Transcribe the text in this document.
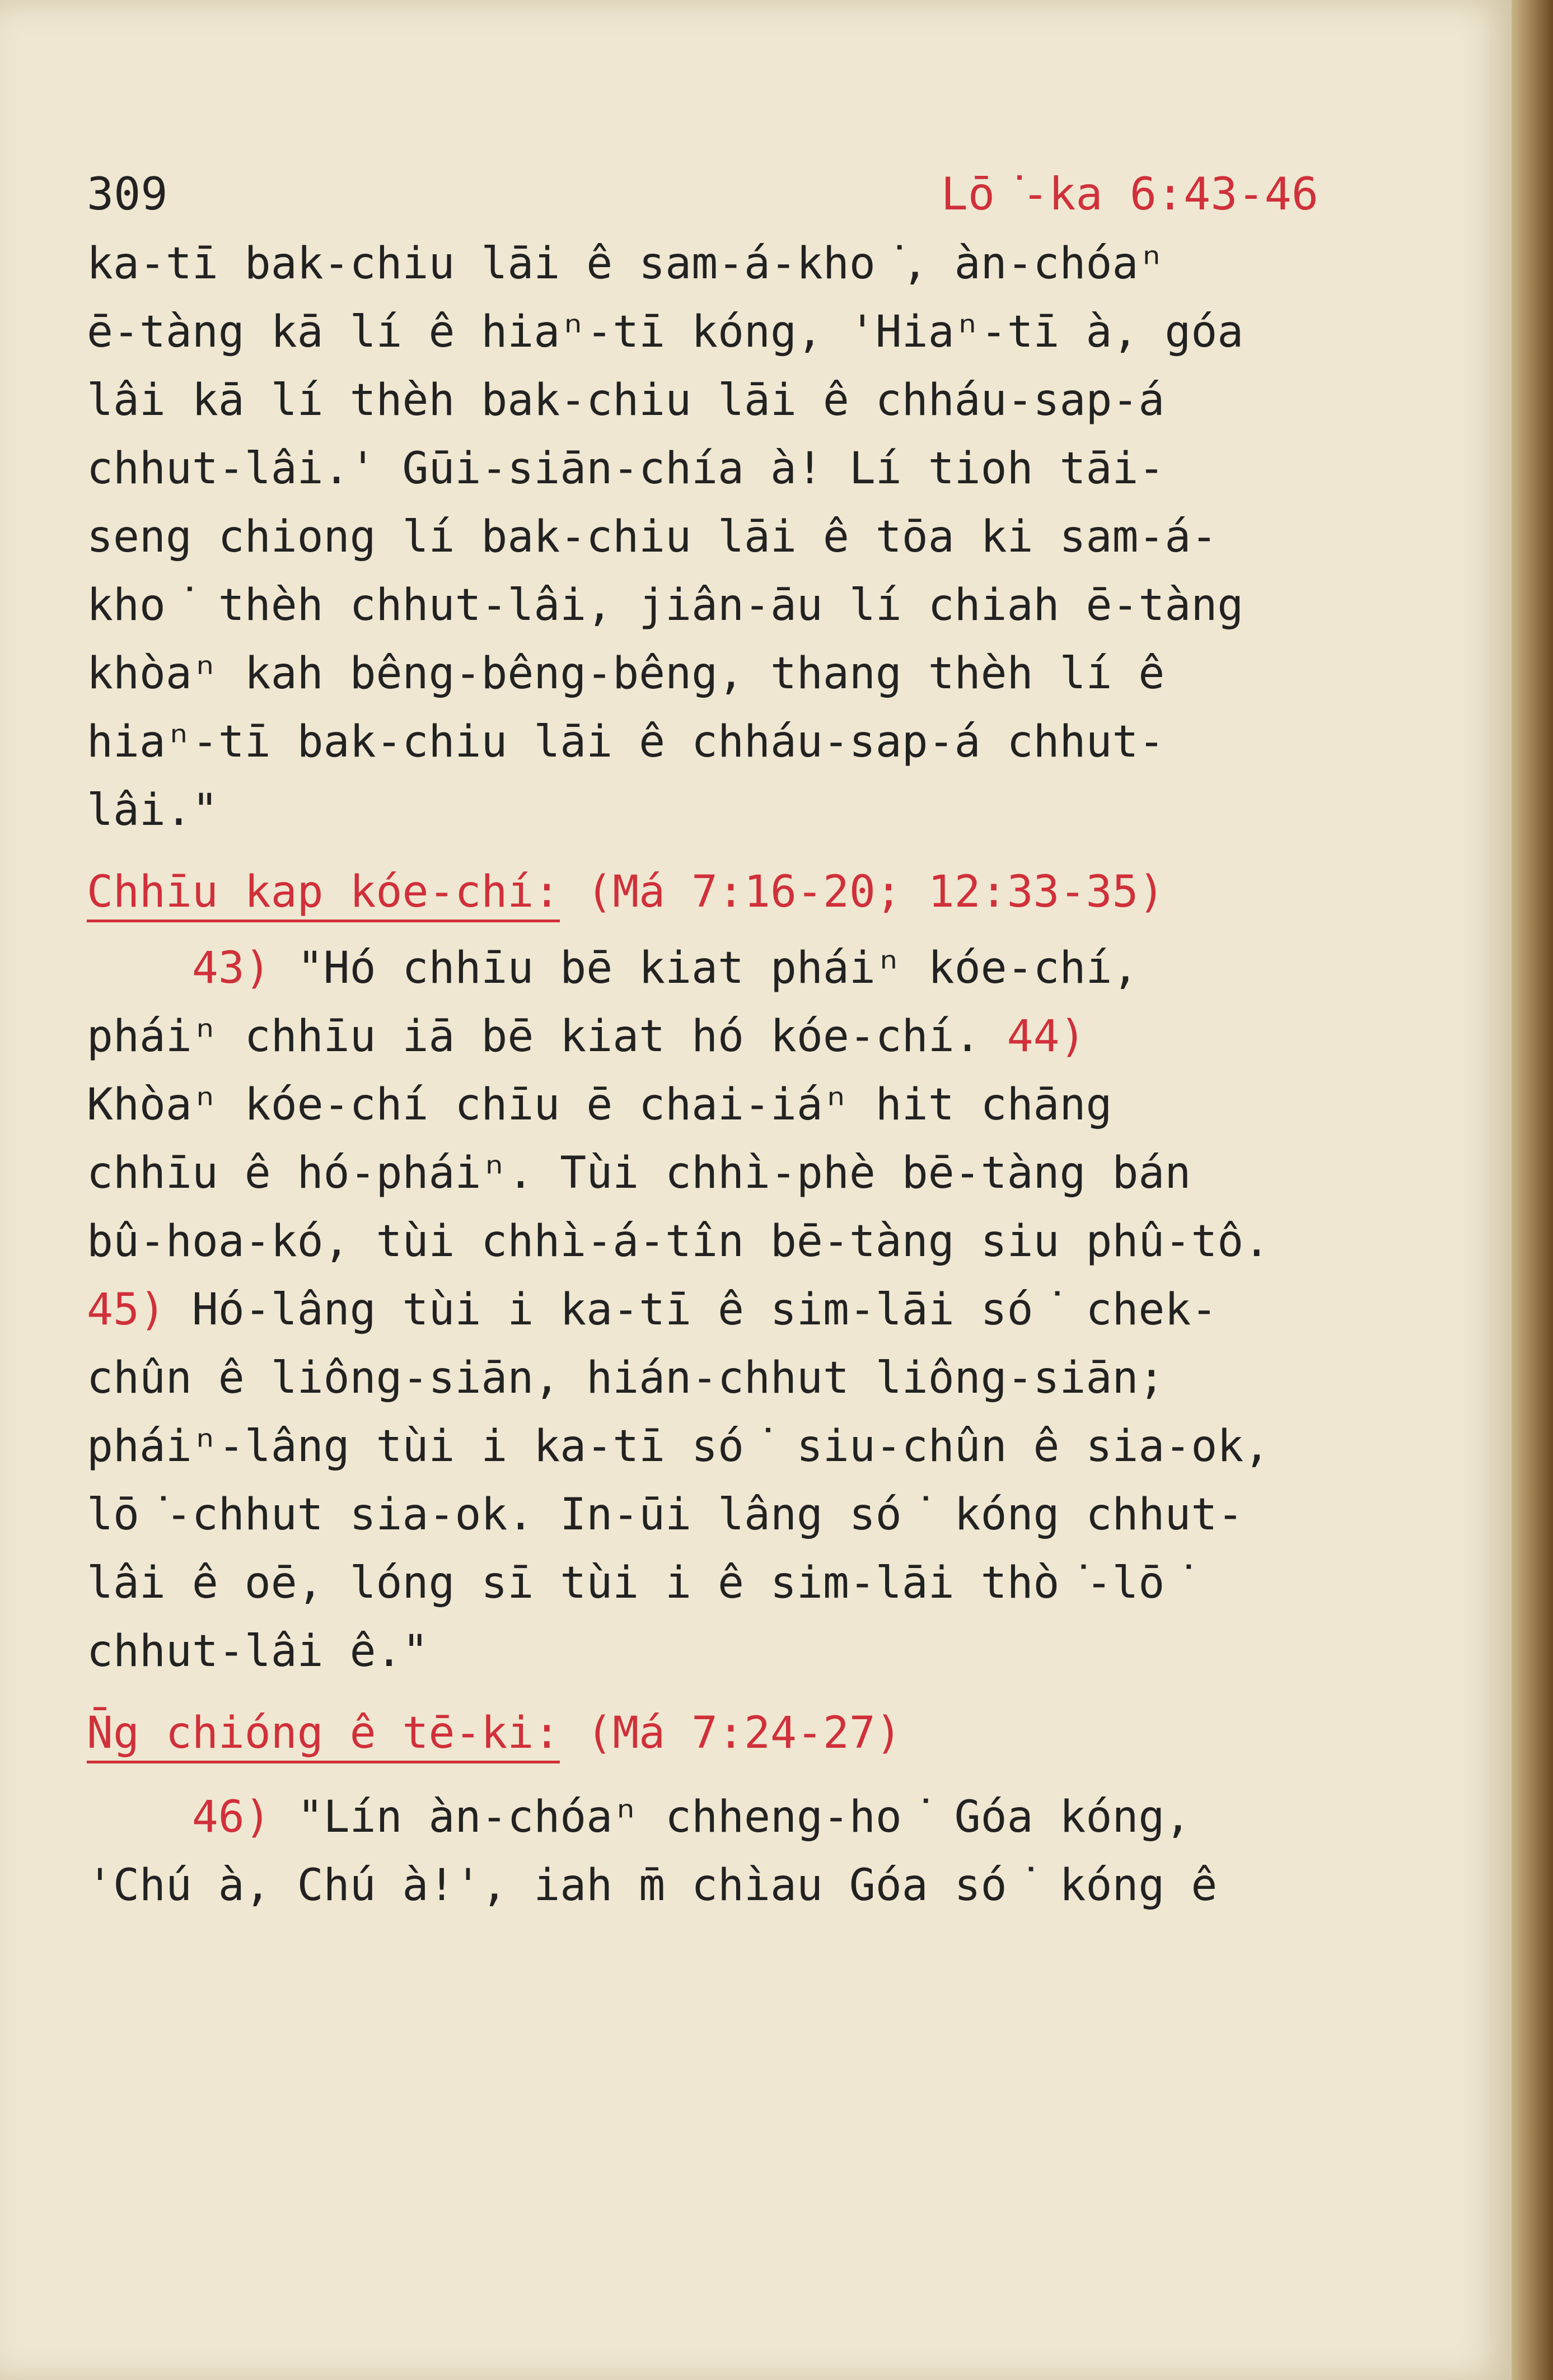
309	Lō͘-ka 6:43-46
ka-tī bak-chiu lāi ê sam-á-kho͘, àn-chóaⁿ
ē-tàng kā lí ê hiaⁿ-tī kóng, 'Hiaⁿ-tī à, góa
lâi kā lí thèh bak-chiu lāi ê chháu-sap-á
chhut-lâi.' Gūi-siān-chía à! Lí tioh tāi-
seng chiong lí bak-chiu lāi ê tōa ki sam-á-
kho͘ thèh chhut-lâi, jiân-āu lí chiah ē-tàng
khòaⁿ kah bêng-bêng-bêng, thang thèh lí ê
hiaⁿ-tī bak-chiu lāi ê chháu-sap-á chhut-
lâi."
Chhīu kap kóe-chí: (Má 7:16-20; 12:33-35)
43) "Hó chhīu bē kiat pháiⁿ kóe-chí,
pháiⁿ chhīu iā bē kiat hó kóe-chí. 44)
Khòaⁿ kóe-chí chīu ē chai-iáⁿ hit chāng
chhīu ê hó-pháiⁿ. Tùi chhì-phè bē-tàng bán
bû-hoa-kó, tùi chhì-á-tîn bē-tàng siu phû-tô.
45) Hó-lâng tùi i ka-tī ê sim-lāi só͘ chek-
chûn ê liông-siān, hián-chhut liông-siān;
pháiⁿ-lâng tùi i ka-tī só͘ siu-chûn ê sia-ok,
lō͘-chhut sia-ok. In-ūi lâng só͘ kóng chhut-
lâi ê oē, lóng sī tùi i ê sim-lāi thò͘-lō͘
chhut-lâi ê."
N̄g chióng ê tē-ki: (Má 7:24-27)
46) "Lín àn-chóaⁿ chheng-ho͘ Góa kóng,
'Chú à, Chú à!', iah m̄ chìau Góa só͘ kóng ê
